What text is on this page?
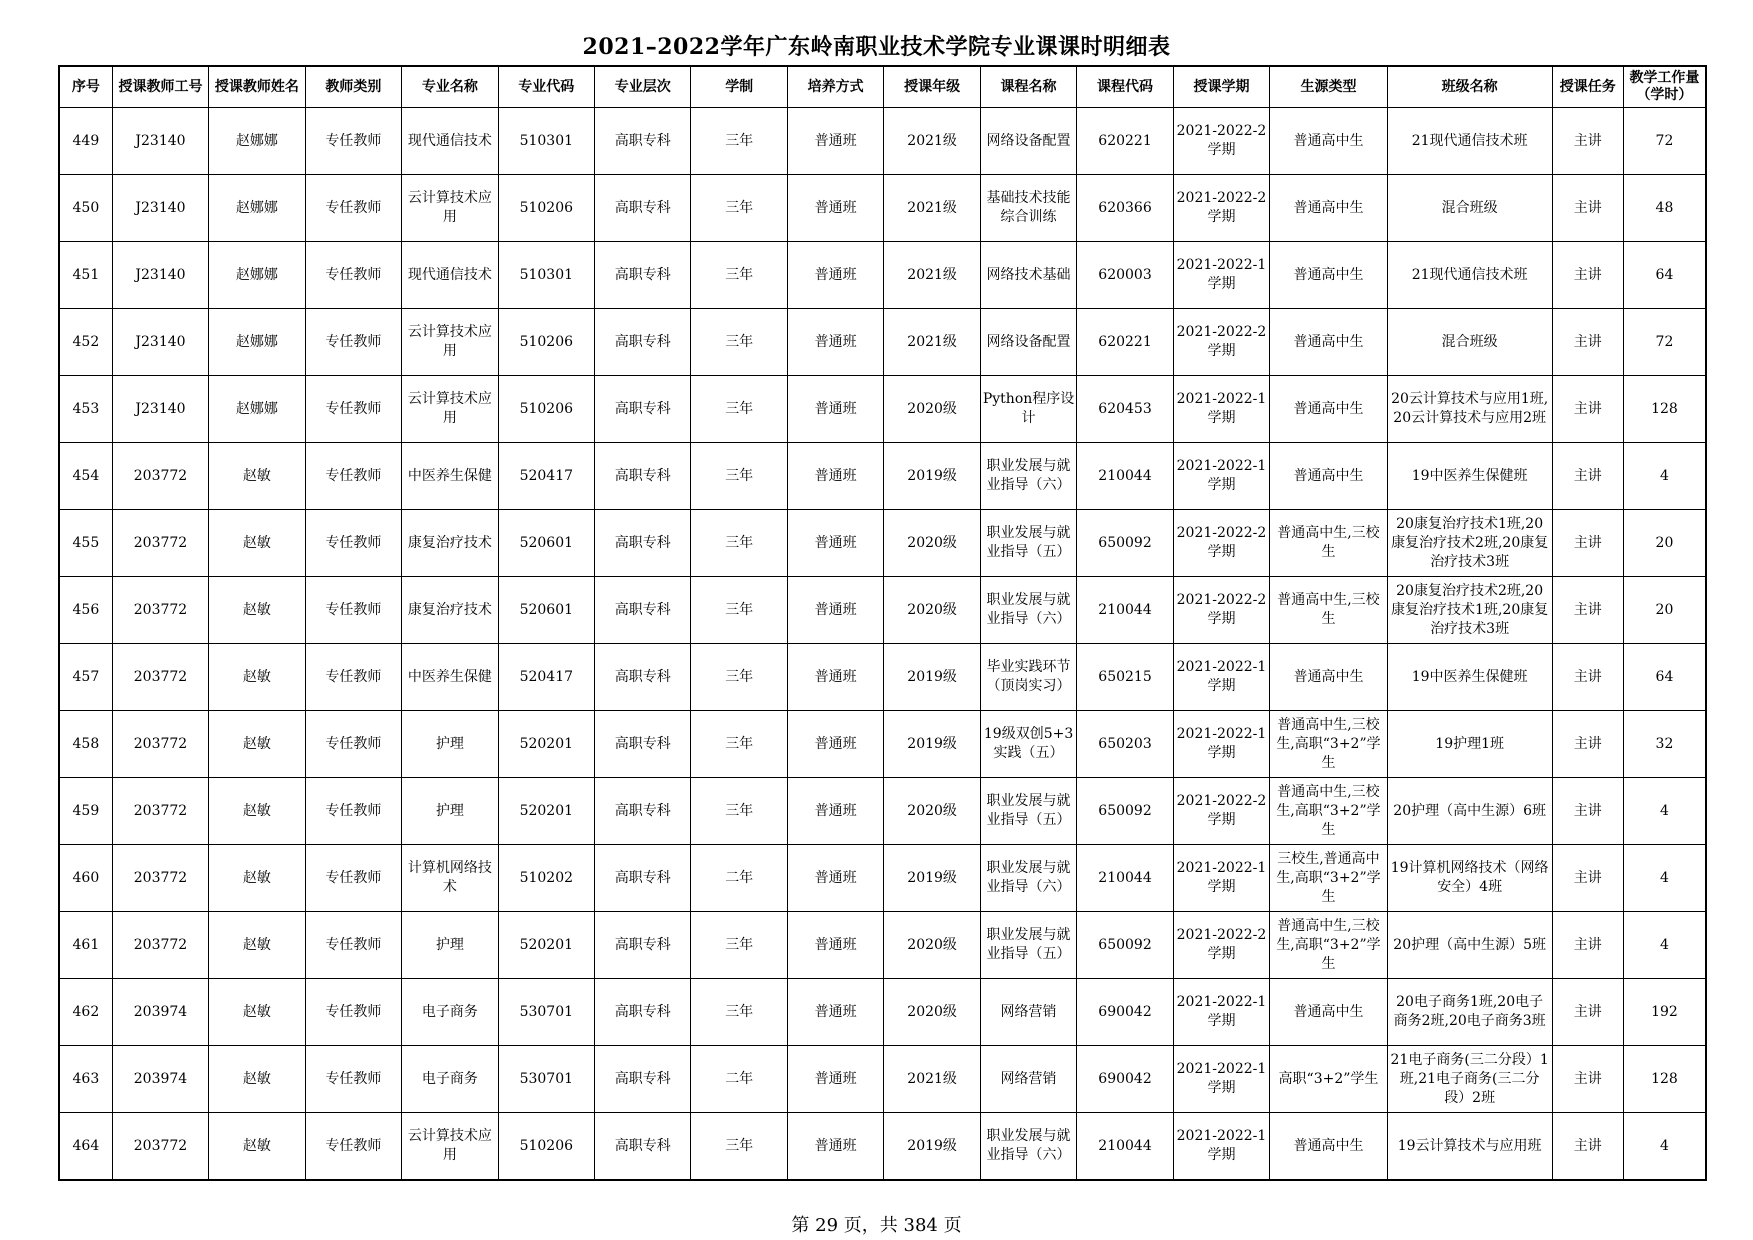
2021–2022学年广东岭南职业技术学院专业课课时明细表
序号	授课教师工号	授课教师姓名	教师类别	专业名称	专业代码	专业层次	学制	培养方式	授课年级	课程名称	课程代码	授课学期	生源类型	班级名称	授课任务	教学工作量（学时）

449	J23140	赵娜娜	专任教师	现代通信技术	510301	高职专科	三年	普通班	2021级	网络设备配置	620221	2021-2022-2学期	普通高中生	21现代通信技术班	主讲	72

450	J23140	赵娜娜	专任教师	云计算技术应用	510206	高职专科	三年	普通班	2021级	基础技术技能综合训练	620366	2021-2022-2学期	普通高中生	混合班级	主讲	48

451	J23140	赵娜娜	专任教师	现代通信技术	510301	高职专科	三年	普通班	2021级	网络技术基础	620003	2021-2022-1学期	普通高中生	21现代通信技术班	主讲	64

452	J23140	赵娜娜	专任教师	云计算技术应用	510206	高职专科	三年	普通班	2021级	网络设备配置	620221	2021-2022-2学期	普通高中生	混合班级	主讲	72

453	J23140	赵娜娜	专任教师	云计算技术应用	510206	高职专科	三年	普通班	2020级	Python程序设计	620453	2021-2022-1学期	普通高中生	20云计算技术与应用1班,20云计算技术与应用2班	主讲	128

454	203772	赵敏	专任教师	中医养生保健	520417	高职专科	三年	普通班	2019级	职业发展与就业指导（六）	210044	2021-2022-1学期	普通高中生	19中医养生保健班	主讲	4

455	203772	赵敏	专任教师	康复治疗技术	520601	高职专科	三年	普通班	2020级	职业发展与就业指导（五）	650092	2021-2022-2学期	普通高中生,三校生	20康复治疗技术1班,20康复治疗技术2班,20康复治疗技术3班	主讲	20

456	203772	赵敏	专任教师	康复治疗技术	520601	高职专科	三年	普通班	2020级	职业发展与就业指导（六）	210044	2021-2022-2学期	普通高中生,三校生	20康复治疗技术2班,20康复治疗技术1班,20康复治疗技术3班	主讲	20

457	203772	赵敏	专任教师	中医养生保健	520417	高职专科	三年	普通班	2019级	毕业实践环节（顶岗实习）	650215	2021-2022-1学期	普通高中生	19中医养生保健班	主讲	64

458	203772	赵敏	专任教师	护理	520201	高职专科	三年	普通班	2019级	19级双创5+3实践（五）	650203	2021-2022-1学期	普通高中生,三校生,高职“3+2”学生	19护理1班	主讲	32

459	203772	赵敏	专任教师	护理	520201	高职专科	三年	普通班	2020级	职业发展与就业指导（五）	650092	2021-2022-2学期	普通高中生,三校生,高职“3+2”学生	20护理（高中生源）6班	主讲	4

460	203772	赵敏	专任教师	计算机网络技术	510202	高职专科	二年	普通班	2019级	职业发展与就业指导（六）	210044	2021-2022-1学期	三校生,普通高中生,高职“3+2”学生	19计算机网络技术（网络安全）4班	主讲	4

461	203772	赵敏	专任教师	护理	520201	高职专科	三年	普通班	2020级	职业发展与就业指导（五）	650092	2021-2022-2学期	普通高中生,三校生,高职“3+2”学生	20护理（高中生源）5班	主讲	4

462	203974	赵敏	专任教师	电子商务	530701	高职专科	三年	普通班	2020级	网络营销	690042	2021-2022-1学期	普通高中生	20电子商务1班,20电子商务2班,20电子商务3班	主讲	192

463	203974	赵敏	专任教师	电子商务	530701	高职专科	二年	普通班	2021级	网络营销	690042	2021-2022-1学期	高职“3+2”学生	21电子商务(三二分段）1班,21电子商务(三二分段）2班	主讲	128

464	203772	赵敏	专任教师	云计算技术应用	510206	高职专科	三年	普通班	2019级	职业发展与就业指导（六）	210044	2021-2022-1学期	普通高中生	19云计算技术与应用班	主讲	4
第 29 页，共 384 页
